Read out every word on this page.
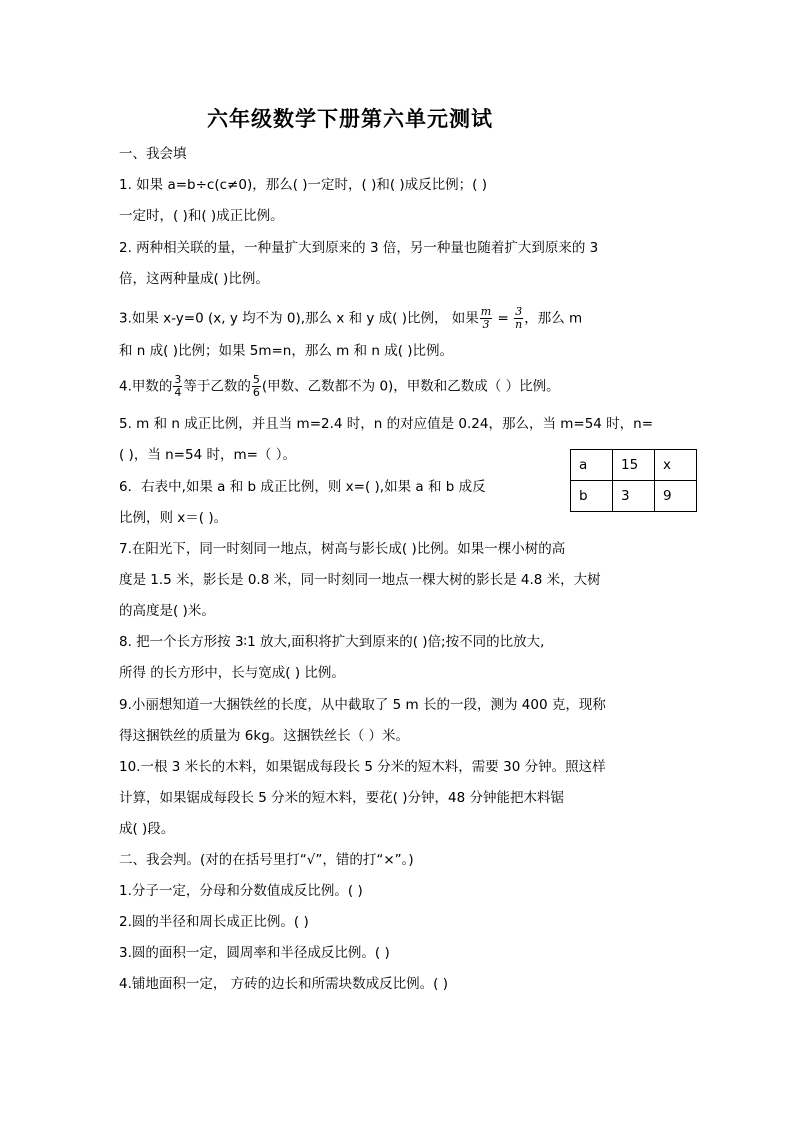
六年级数学下册第六单元测试
一、我会填
1. 如果 a=b÷c(c≠0)，那么( )一定时，( )和( )成反比例；( )
一定时，( )和( )成正比例。
2. 两种相关联的量，一种量扩大到原来的 3 倍，另一种量也随着扩大到原来的 3
倍，这两种量成( )比例。
3.如果 x-y=0 (x, y 均不为 0),那么 x 和 y 成( )比例， 如果 $\frac{m}{3} = \frac{3}{n}$ ，那么 m
和 n 成( )比例；如果 5m=n，那么 m 和 n 成( )比例。
4.甲数的 $\frac{3}{4}$ 等于乙数的 $\frac{5}{6}$ (甲数、乙数都不为 0)，甲数和乙数成（ ）比例。
5. m 和 n 成正比例，并且当 m=2.4 时，n 的对应值是 0.24，那么，当 m=54 时，n=
( )，当 n=54 时，m=（ ）。
6．右表中,如果 a 和 b 成正比例，则 x=( ),如果 a 和 b 成反
比例，则 x＝( )。
a	15	x
b	3	9
7.在阳光下，同一时刻同一地点，树高与影长成( )比例。如果一棵小树的高
度是 1.5 米，影长是 0.8 米，同一时刻同一地点一棵大树的影长是 4.8 米，大树
的高度是( )米。
8. 把一个长方形按 3∶1 放大,面积将扩大到原来的( )倍;按不同的比放大,
所得 的长方形中，长与宽成( ) 比例。
9.小丽想知道一大捆铁丝的长度，从中截取了 5 m 长的一段，测为 400 克，现称
得这捆铁丝的质量为 6kg。这捆铁丝长（ ）米。
10.一根 3 米长的木料，如果锯成每段长 5 分米的短木料，需要 30 分钟。照这样
计算，如果锯成每段长 5 分米的短木料，要花( )分钟，48 分钟能把木料锯
成( )段。
二、我会判。(对的在括号里打“√”，错的打“×”。)
1.分子一定，分母和分数值成反比例。( )
2.圆的半径和周长成正比例。( )
3.圆的面积一定，圆周率和半径成反比例。( )
4.铺地面积一定， 方砖的边长和所需块数成反比例。( )
